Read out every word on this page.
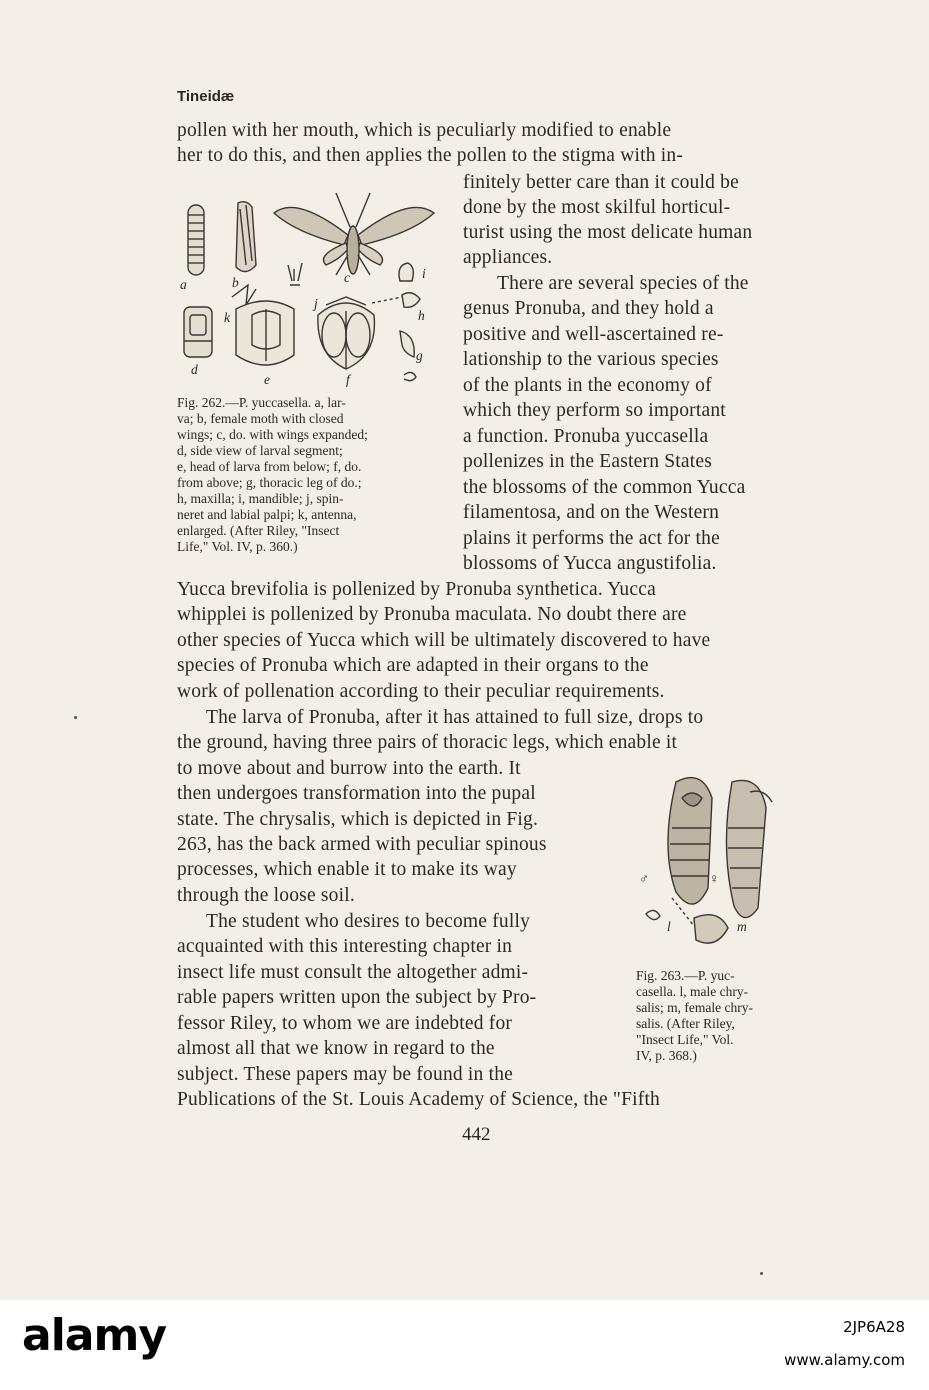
Tineidæ
pollen with her mouth, which is peculiarly modified to enable
her to do this, and then applies the pollen to the stigma with in-
finitely better care than it could be
done by the most skilful horticul-
turist using the most delicate human
appliances.
There are several species of the
genus Pronuba, and they hold a
positive and well-ascertained re-
lationship to the various species
of the plants in the economy of
which they perform so important
a function. Pronuba yuccasella
pollenizes in the Eastern States
the blossoms of the common Yucca
filamentosa, and on the Western
plains it performs the act for the
blossoms of Yucca angustifolia.
Yucca brevifolia is pollenized by Pronuba synthetica. Yucca
whipplei is pollenized by Pronuba maculata. No doubt there are
other species of Yucca which will be ultimately discovered to have
species of Pronuba which are adapted in their organs to the
work of pollenation according to their peculiar requirements.
The larva of Pronuba, after it has attained to full size, drops to
the ground, having three pairs of thoracic legs, which enable it
to move about and burrow into the earth. It
then undergoes transformation into the pupal
state. The chrysalis, which is depicted in Fig.
263, has the back armed with peculiar spinous
processes, which enable it to make its way
through the loose soil.
The student who desires to become fully
acquainted with this interesting chapter in
insect life must consult the altogether admi-
rable papers written upon the subject by Pro-
fessor Riley, to whom we are indebted for
almost all that we know in regard to the
subject. These papers may be found in the
Publications of the St. Louis Academy of Science, the "Fifth
a	b	c
d
e	f
g
h
i
j
k
Fig. 262.—P. yuccasella. a, lar-
va; b, female moth with closed
wings; c, do. with wings expanded;
d, side view of larval segment;
e, head of larva from below; f, do.
from above; g, thoracic leg of do.;
h, maxilla; i, mandible; j, spin-
neret and labial palpi; k, antenna,
enlarged. (After Riley, "Insect
Life," Vol. IV, p. 360.)
♂	♀
l	m
Fig. 263.—P. yuc-
casella. l, male chry-
salis; m, female chry-
salis. (After Riley,
"Insect Life," Vol.
IV, p. 368.)
442
alamy	2JP6A28
www.alamy.com
